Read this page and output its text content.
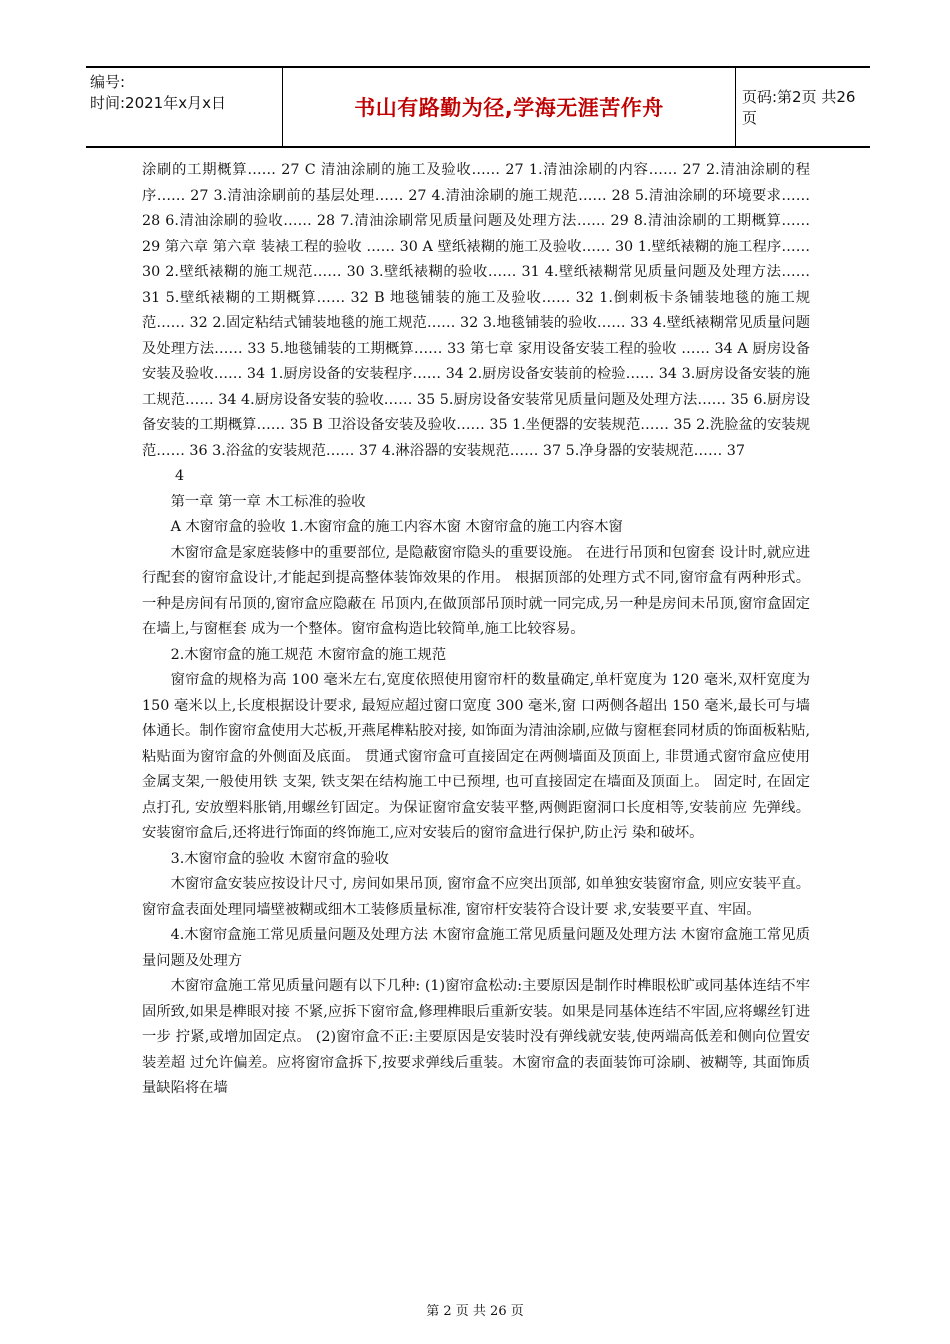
编号:
时间:2021年x月x日	书山有路勤为径,学海无涯苦作舟	页码:第2页 共26页

涂刷的工期概算…… 27 C 清油涂刷的施工及验收…… 27 1.清油涂刷的内容…… 27 2.清油涂刷的程序…… 27 3.清油涂刷前的基层处理…… 27 4.清油涂刷的施工规范…… 28 5.清油涂刷的环境要求…… 28 6.清油涂刷的验收…… 28 7.清油涂刷常见质量问题及处理方法…… 29 8.清油涂刷的工期概算…… 29 第六章 第六章 装裱工程的验收 …… 30 A 壁纸裱糊的施工及验收…… 30 1.壁纸裱糊的施工程序…… 30 2.壁纸裱糊的施工规范…… 30 3.壁纸裱糊的验收…… 31 4.壁纸裱糊常见质量问题及处理方法…… 31 5.壁纸裱糊的工期概算…… 32 B 地毯铺装的施工及验收…… 32 1.倒刺板卡条铺装地毯的施工规范…… 32 2.固定粘结式铺装地毯的施工规范…… 32 3.地毯铺装的验收…… 33 4.壁纸裱糊常见质量问题及处理方法…… 33 5.地毯铺装的工期概算…… 33 第七章 家用设备安装工程的验收 …… 34 A 厨房设备安装及验收…… 34 1.厨房设备的安装程序…… 34 2.厨房设备安装前的检验…… 34 3.厨房设备安装的施工规范…… 34 4.厨房设备安装的验收…… 35 5.厨房设备安装常见质量问题及处理方法…… 35 6.厨房设备安装的工期概算…… 35 B 卫浴设备安装及验收…… 35 1.坐便器的安装规范…… 35 2.洗脸盆的安装规范…… 36 3.浴盆的安装规范…… 37 4.淋浴器的安装规范…… 37 5.净身器的安装规范…… 37

4

第一章 第一章 木工标准的验收

A 木窗帘盒的验收 1.木窗帘盒的施工内容木窗 木窗帘盒的施工内容木窗

木窗帘盒是家庭装修中的重要部位, 是隐蔽窗帘隐头的重要设施。 在进行吊顶和包窗套 设计时,就应进行配套的窗帘盒设计,才能起到提高整体装饰效果的作用。 根据顶部的处理方式不同,窗帘盒有两种形式。一种是房间有吊顶的,窗帘盒应隐蔽在 吊顶内,在做顶部吊顶时就一同完成,另一种是房间未吊顶,窗帘盒固定在墙上,与窗框套 成为一个整体。窗帘盒构造比较简单,施工比较容易。

2.木窗帘盒的施工规范 木窗帘盒的施工规范

窗帘盒的规格为高 100 毫米左右,宽度依照使用窗帘杆的数量确定,单杆宽度为 120 毫米,双杆宽度为 150 毫米以上,长度根据设计要求, 最短应超过窗口宽度 300 毫米,窗 口两侧各超出 150 毫米,最长可与墙体通长。制作窗帘盒使用大芯板,开燕尾榫粘胶对接, 如饰面为清油涂刷,应做与窗框套同材质的饰面板粘贴,粘贴面为窗帘盒的外侧面及底面。 贯通式窗帘盒可直接固定在两侧墙面及顶面上, 非贯通式窗帘盒应使用金属支架,一般使用铁 支架, 铁支架在结构施工中已预埋, 也可直接固定在墙面及顶面上。 固定时, 在固定点打孔, 安放塑料胀销,用螺丝钉固定。为保证窗帘盒安装平整,两侧距窗洞口长度相等,安装前应 先弹线。安装窗帘盒后,还将进行饰面的终饰施工,应对安装后的窗帘盒进行保护,防止污 染和破坏。

3.木窗帘盒的验收 木窗帘盒的验收

木窗帘盒安装应按设计尺寸, 房间如果吊顶, 窗帘盒不应突出顶部, 如单独安装窗帘盒, 则应安装平直。 窗帘盒表面处理同墙壁被糊或细木工装修质量标准, 窗帘杆安装符合设计要 求,安装要平直、牢固。

4.木窗帘盒施工常见质量问题及处理方法 木窗帘盒施工常见质量问题及处理方法 木窗帘盒施工常见质量问题及处理方

木窗帘盒施工常见质量问题有以下几种: (1)窗帘盒松动:主要原因是制作时榫眼松旷或同基体连结不牢固所致,如果是榫眼对接 不紧,应拆下窗帘盒,修理榫眼后重新安装。如果是同基体连结不牢固,应将螺丝钉进一步 拧紧,或增加固定点。 (2)窗帘盒不正:主要原因是安装时没有弹线就安装,使两端高低差和侧向位置安装差超 过允许偏差。应将窗帘盒拆下,按要求弹线后重装。木窗帘盒的表面装饰可涂刷、被糊等, 其面饰质量缺陷将在墙

第 2 页 共 26 页
